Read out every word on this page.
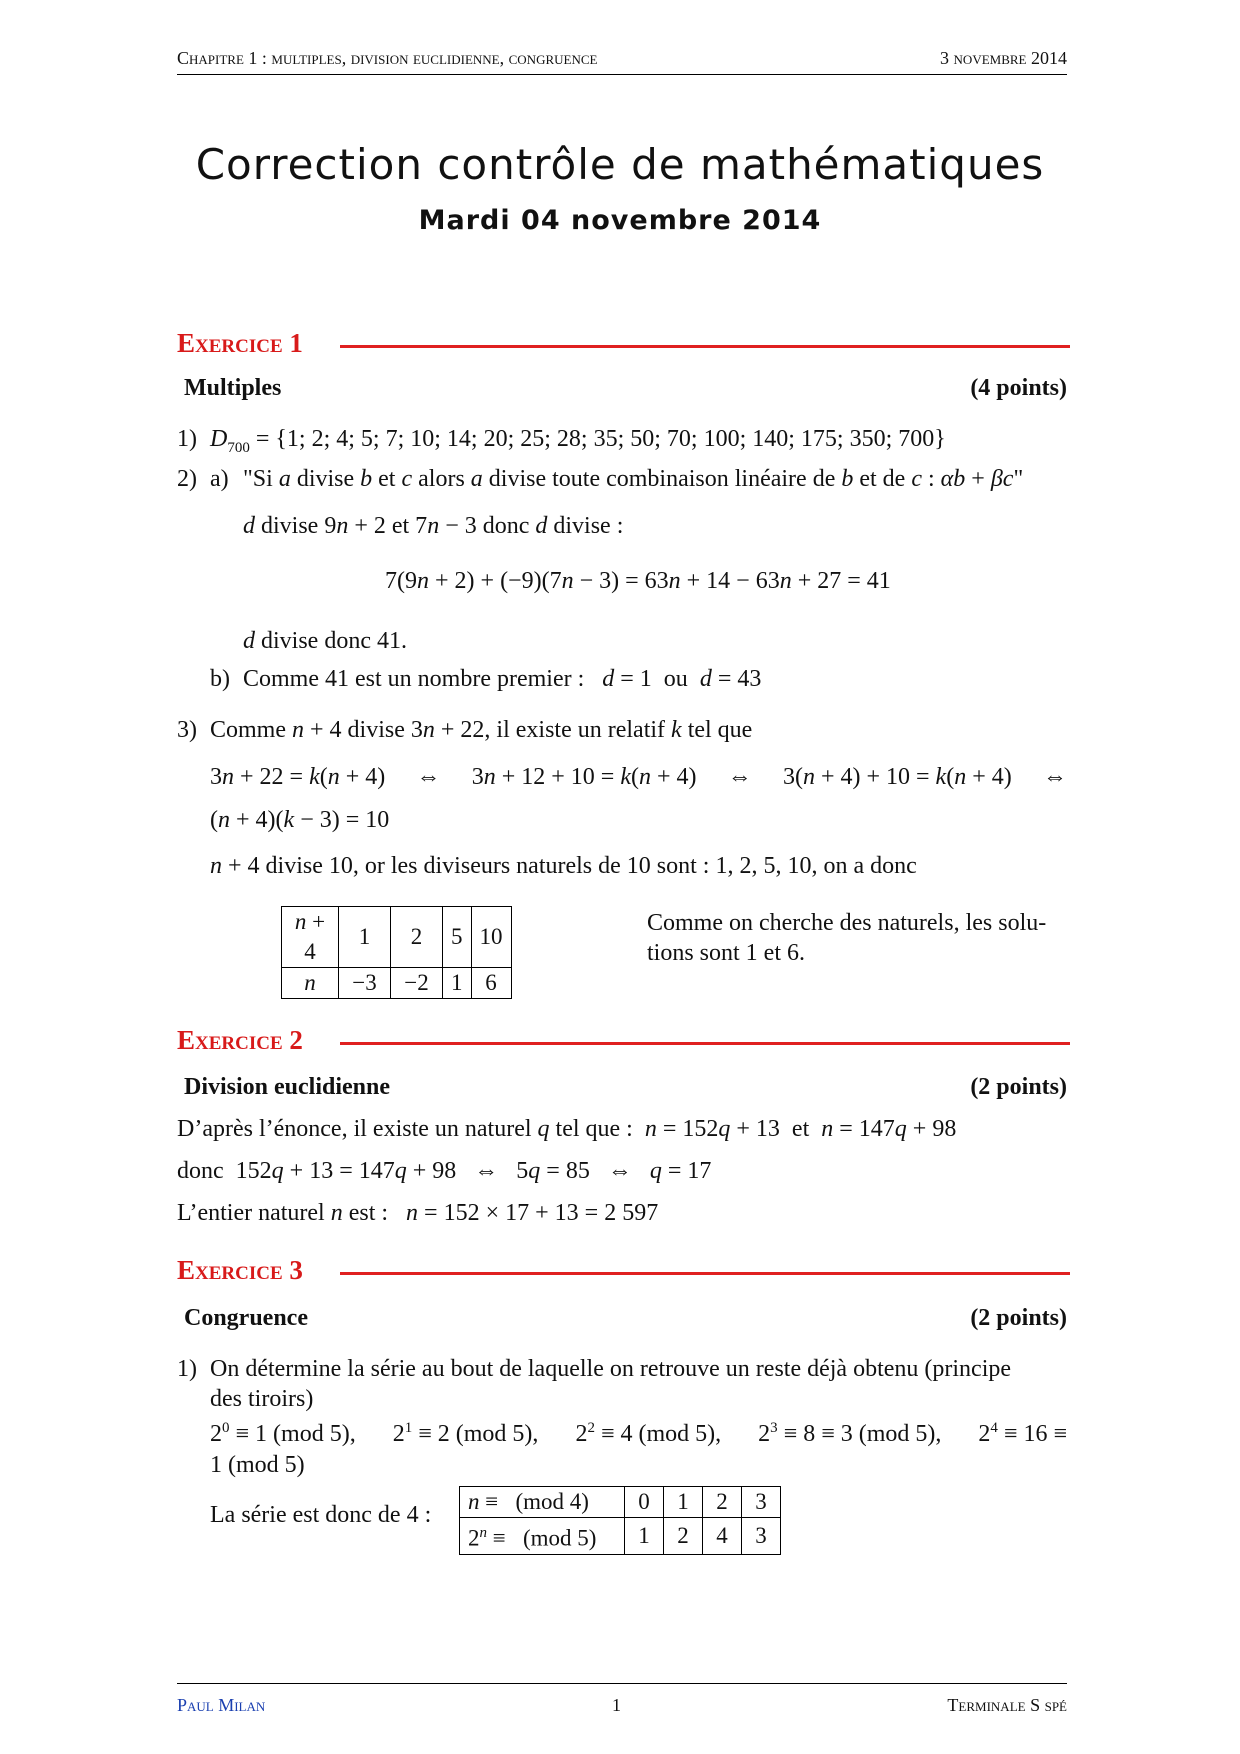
Chapitre 1 : multiples, division euclidienne, congruence	3 novembre 2014
Correction contrôle de mathématiques
Mardi 04 novembre 2014
Exercice 1
Multiples	(4 points)
1) $D_{700} = \{1$; 2; 4; 5; 7; 10; 14; 20; 25; 28; 35; 50; 70; 100; 140; 175; 350; 700}
2) a) "Si a divise b et c alors a divise toute combinaison linéaire de b et de c : αb + βc"
d divise 9n + 2 et 7n − 3 donc d divise :
7(9n + 2) + (−9)(7n − 3) = 63n + 14 − 63n + 27 = 41
d divise donc 41.
b) Comme 41 est un nombre premier : d = 1  ou  d = 43
3) Comme n + 4 divise 3n + 22, il existe un relatif k tel que
3n + 22 = k(n + 4) ⇔ 3n + 12 + 10 = k(n + 4) ⇔ 3(n + 4) + 10 = k(n + 4) ⇔
(n + 4)(k − 3) = 10
n + 4 divise 10, or les diviseurs naturels de 10 sont : 1, 2, 5, 10, on a donc
n + 4	1	2	5	10
n	−3	−2	1	6
Comme on cherche des naturels, les solu-
tions sont 1 et 6.
Exercice 2
Division euclidienne	(2 points)
D’après l’énonce, il existe un naturel q tel que :  n = 152q + 13  et  n = 147q + 98
donc  152q + 13 = 147q + 98   ⇔   5q = 85   ⇔   q = 17
L’entier naturel n est :   n = 152 × 17 + 13 = 2 597
Exercice 3
Congruence	(2 points)
1) On détermine la série au bout de laquelle on retrouve un reste déjà obtenu (principe
des tiroirs)
$2^0 \equiv 1$ (mod 5), $2^1 \equiv 2$ (mod 5), $2^2 \equiv 4$ (mod 5), $2^3 \equiv 8 \equiv 3$ (mod 5), $2^4 \equiv 16$ ≡
1 (mod 5)
La série est donc de 4 :
n ≡   (mod 4)	0	1	2	3
$2^n \equiv (mod$ 5)	1	2	4	3
Paul Milan	1	Terminale S spé
